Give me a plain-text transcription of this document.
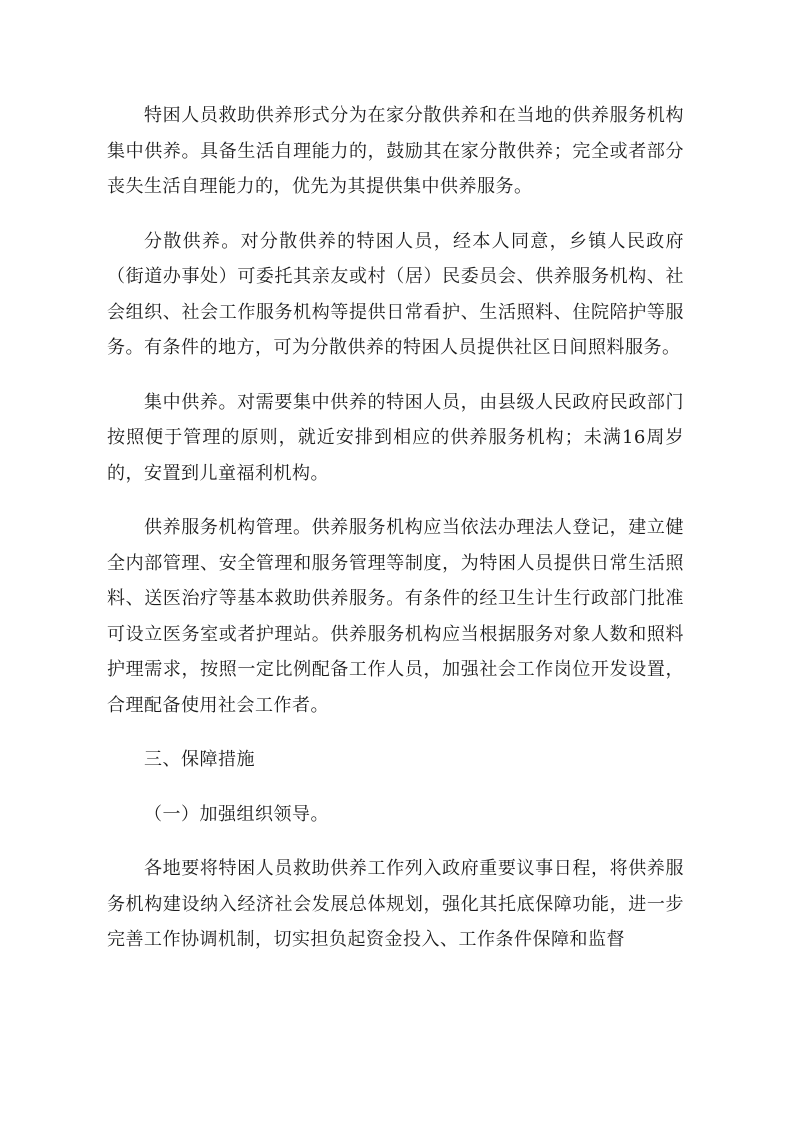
特困人员救助供养形式分为在家分散供养和在当地的供养服务机构集中供养。具备生活自理能力的，鼓励其在家分散供养；完全或者部分丧失生活自理能力的，优先为其提供集中供养服务。

分散供养。对分散供养的特困人员，经本人同意，乡镇人民政府（街道办事处）可委托其亲友或村（居）民委员会、供养服务机构、社会组织、社会工作服务机构等提供日常看护、生活照料、住院陪护等服务。有条件的地方，可为分散供养的特困人员提供社区日间照料服务。

集中供养。对需要集中供养的特困人员，由县级人民政府民政部门按照便于管理的原则，就近安排到相应的供养服务机构；未满16周岁的，安置到儿童福利机构。

供养服务机构管理。供养服务机构应当依法办理法人登记，建立健全内部管理、安全管理和服务管理等制度，为特困人员提供日常生活照料、送医治疗等基本救助供养服务。有条件的经卫生计生行政部门批准可设立医务室或者护理站。供养服务机构应当根据服务对象人数和照料护理需求，按照一定比例配备工作人员，加强社会工作岗位开发设置，合理配备使用社会工作者。

三、保障措施

（一）加强组织领导。

各地要将特困人员救助供养工作列入政府重要议事日程，将供养服务机构建设纳入经济社会发展总体规划，强化其托底保障功能，进一步完善工作协调机制，切实担负起资金投入、工作条件保障和监督
